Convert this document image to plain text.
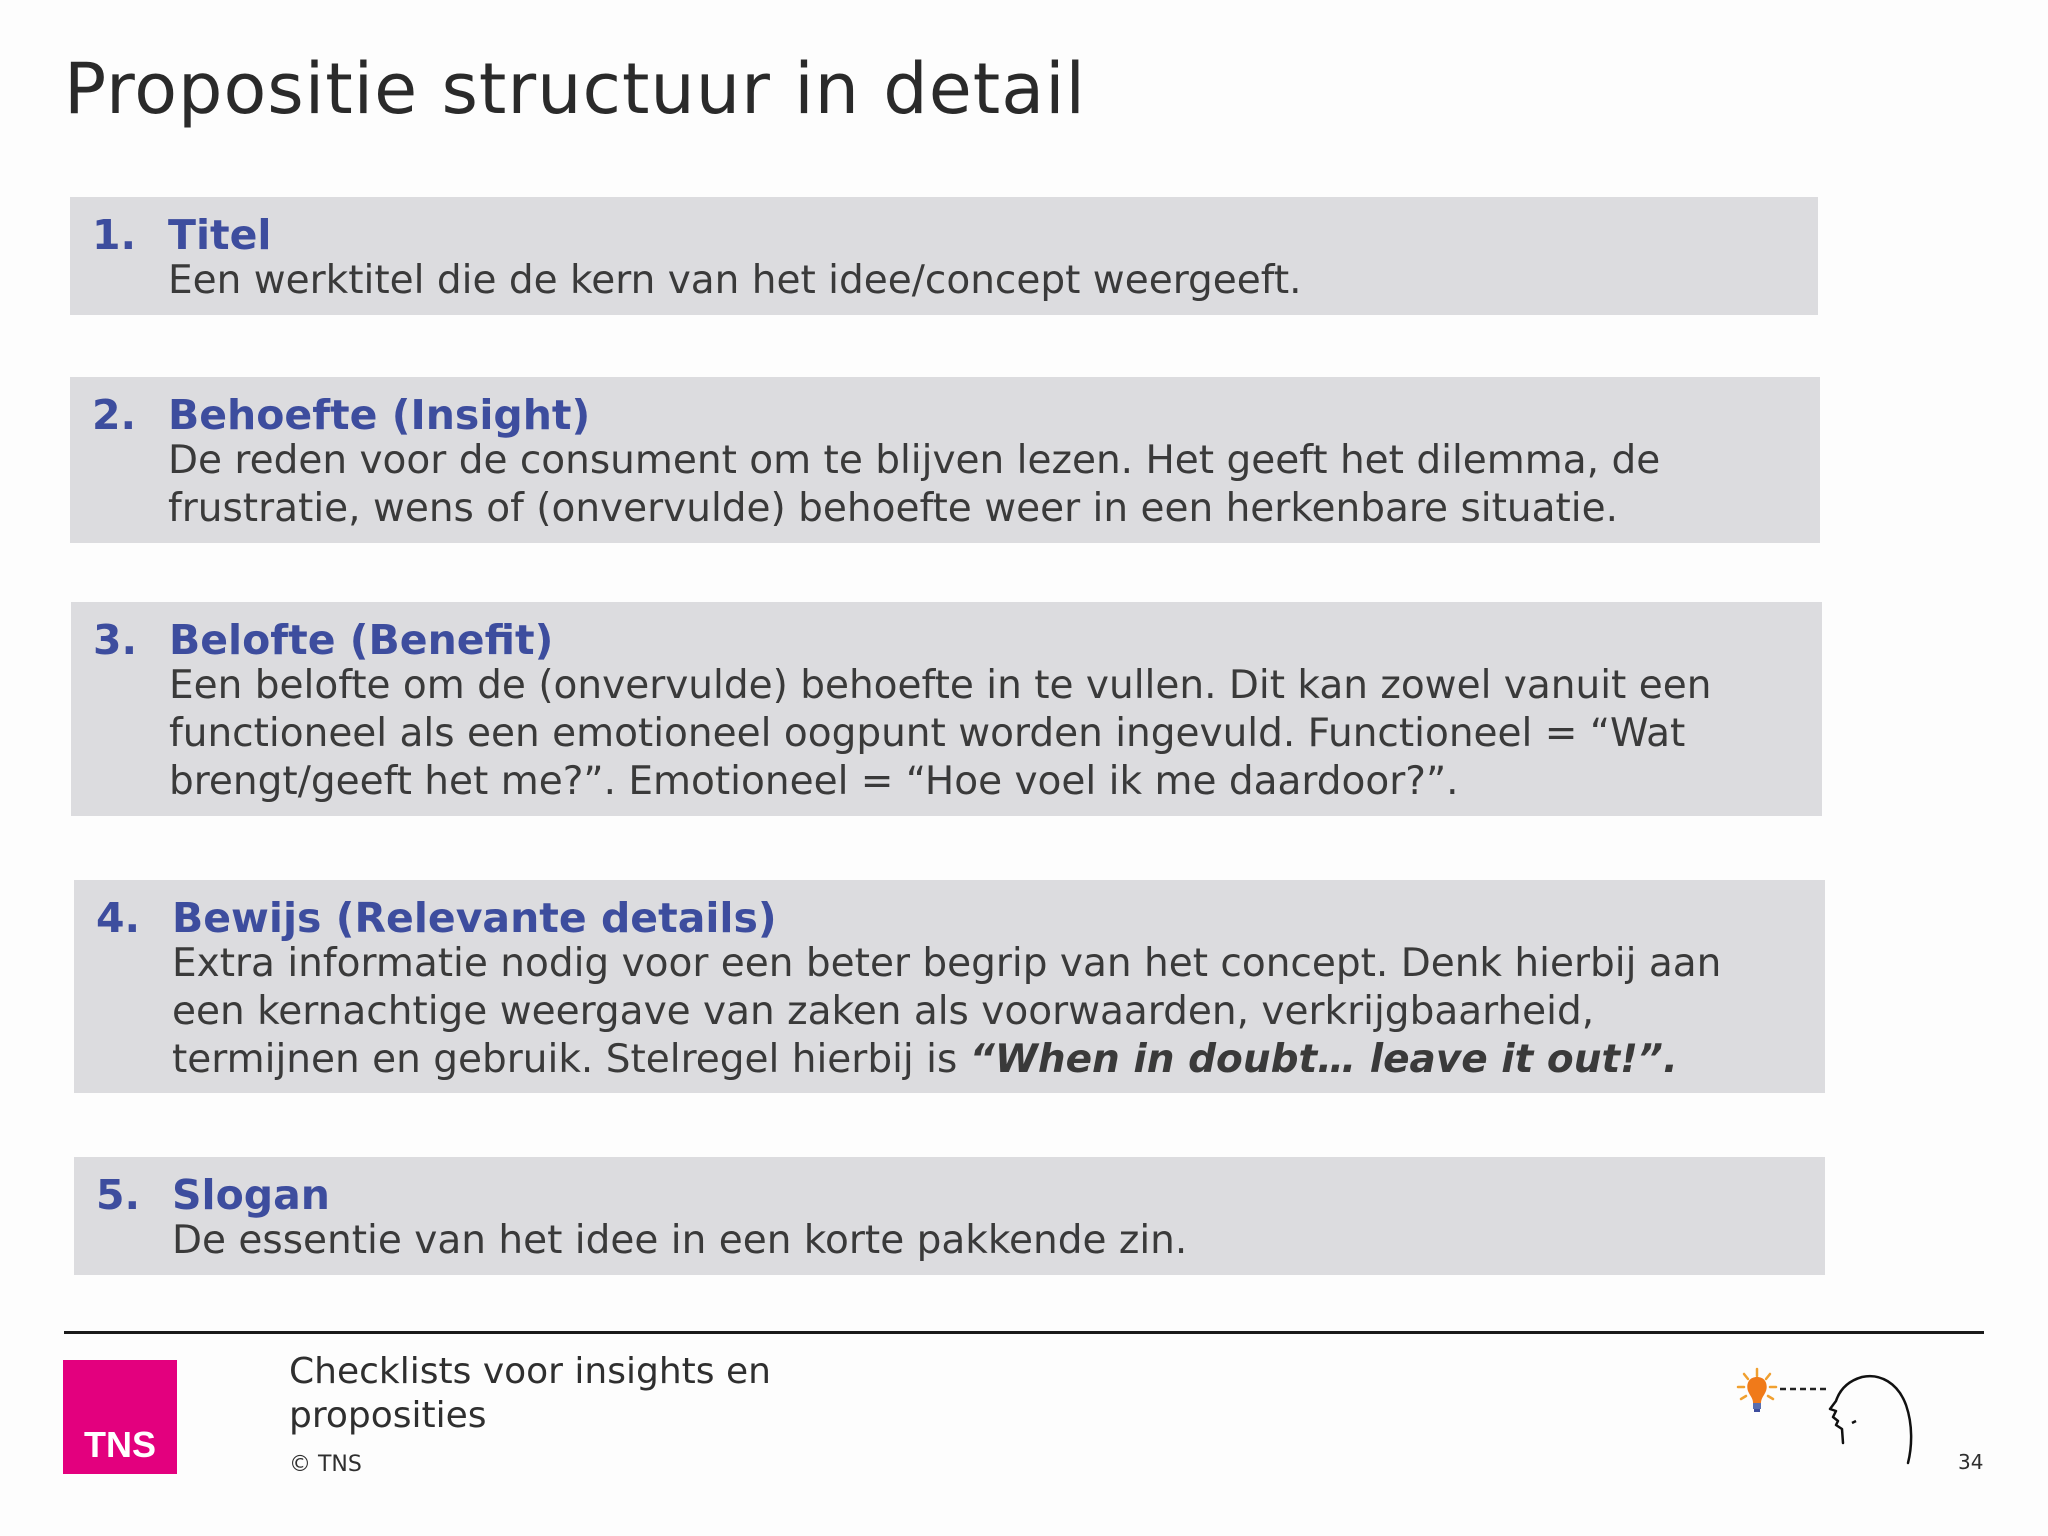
Propositie structuur in detail
1. Titel
Een werktitel die de kern van het idee/concept weergeeft.
2. Behoefte (Insight)
De reden voor de consument om te blijven lezen. Het geeft het dilemma, de frustratie, wens of (onvervulde) behoefte weer in een herkenbare situatie.
3. Belofte (Benefit)
Een belofte om de (onvervulde) behoefte in te vullen. Dit kan zowel vanuit een functioneel als een emotioneel oogpunt worden ingevuld. Functioneel = “Wat brengt/geeft het me?”. Emotioneel = “Hoe voel ik me daardoor?”.
4. Bewijs (Relevante details)
Extra informatie nodig voor een beter begrip van het concept. Denk hierbij aan een kernachtige weergave van zaken als voorwaarden, verkrijgbaarheid, termijnen en gebruik. Stelregel hierbij is “When in doubt… leave it out!”.
5. Slogan
De essentie van het idee in een korte pakkende zin.
TNS
Checklists voor insights en proposities
© TNS	34
